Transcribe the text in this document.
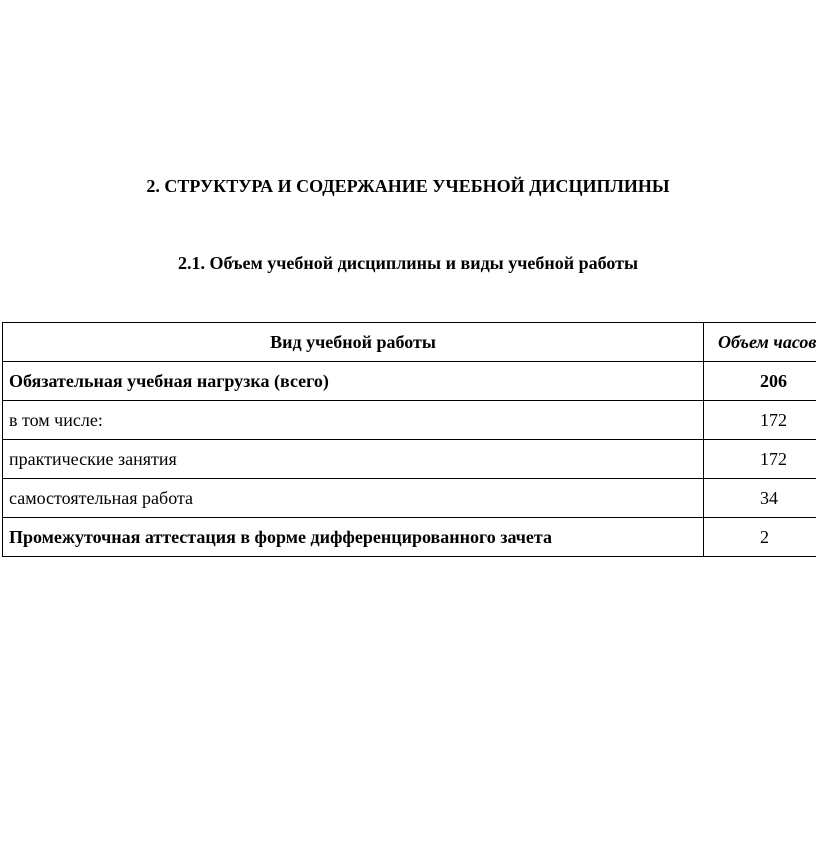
2. СТРУКТУРА И СОДЕРЖАНИЕ УЧЕБНОЙ ДИСЦИПЛИНЫ
2.1. Объем учебной дисциплины и виды учебной работы
Вид учебной работы	Объем часов
Обязательная учебная нагрузка (всего)	206
в том числе:	172
практические занятия	172
самостоятельная работа	34
Промежуточная аттестация в форме дифференцированного зачета	2
